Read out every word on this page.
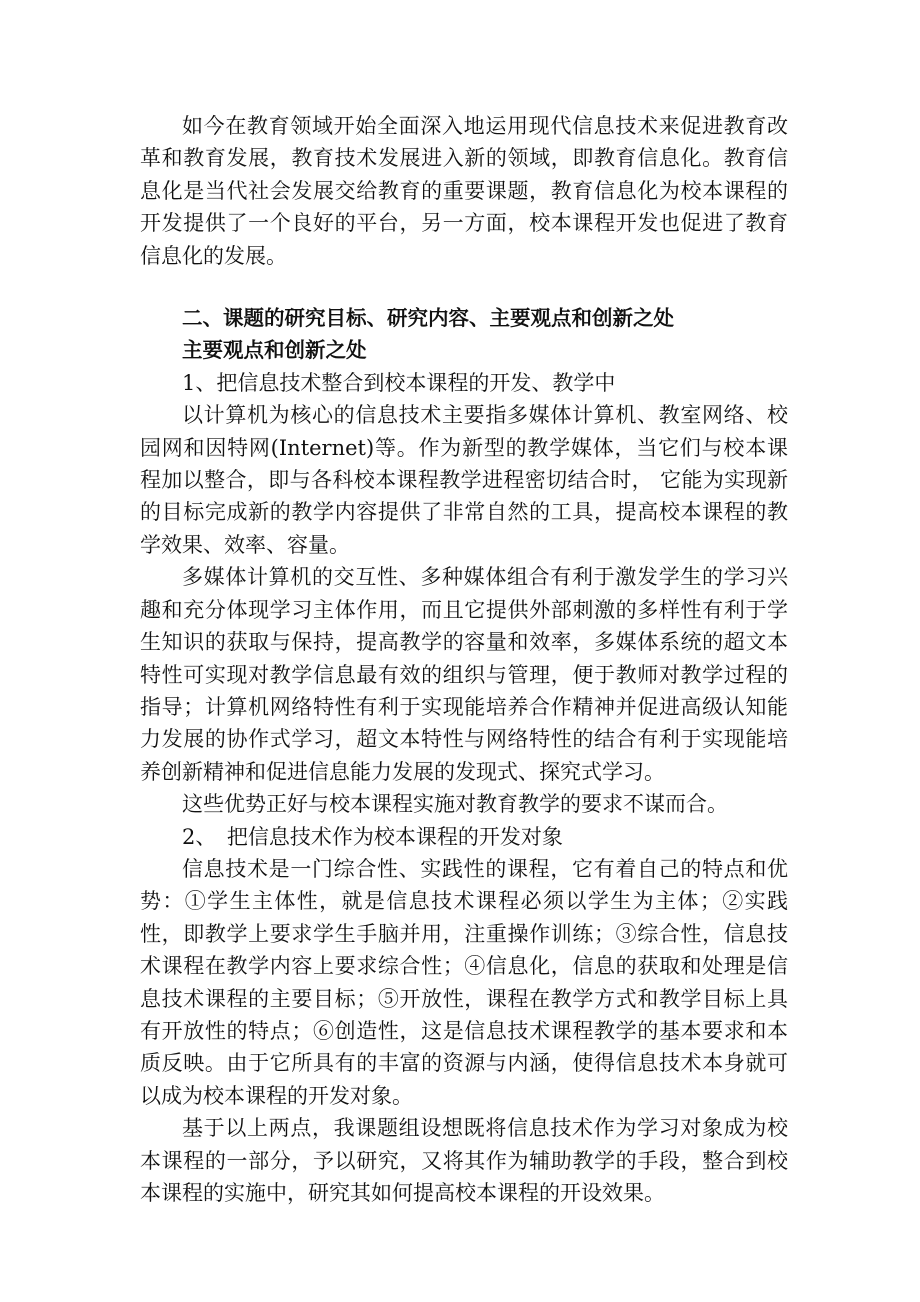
如今在教育领域开始全面深入地运用现代信息技术来促进教育改革和教育发展，教育技术发展进入新的领域，即教育信息化。教育信息化是当代社会发展交给教育的重要课题，教育信息化为校本课程的开发提供了一个良好的平台，另一方面，校本课程开发也促进了教育信息化的发展。

二、课题的研究目标、研究内容、主要观点和创新之处

主要观点和创新之处

1、把信息技术整合到校本课程的开发、教学中

以计算机为核心的信息技术主要指多媒体计算机、教室网络、校园网和因特网(Internet)等。作为新型的教学媒体，当它们与校本课程加以整合，即与各科校本课程教学进程密切结合时， 它能为实现新的目标完成新的教学内容提供了非常自然的工具，提高校本课程的教学效果、效率、容量。

多媒体计算机的交互性、多种媒体组合有利于激发学生的学习兴趣和充分体现学习主体作用，而且它提供外部刺激的多样性有利于学生知识的获取与保持，提高教学的容量和效率，多媒体系统的超文本特性可实现对教学信息最有效的组织与管理，便于教师对教学过程的指导；计算机网络特性有利于实现能培养合作精神并促进高级认知能力发展的协作式学习，超文本特性与网络特性的结合有利于实现能培养创新精神和促进信息能力发展的发现式、探究式学习。

这些优势正好与校本课程实施对教育教学的要求不谋而合。

2、　把信息技术作为校本课程的开发对象

信息技术是一门综合性、实践性的课程，它有着自己的特点和优势：①学生主体性，就是信息技术课程必须以学生为主体；②实践性，即教学上要求学生手脑并用，注重操作训练；③综合性，信息技术课程在教学内容上要求综合性；④信息化，信息的获取和处理是信息技术课程的主要目标；⑤开放性，课程在教学方式和教学目标上具有开放性的特点；⑥创造性，这是信息技术课程教学的基本要求和本质反映。由于它所具有的丰富的资源与内涵，使得信息技术本身就可以成为校本课程的开发对象。

基于以上两点，我课题组设想既将信息技术作为学习对象成为校本课程的一部分，予以研究，又将其作为辅助教学的手段，整合到校本课程的实施中，研究其如何提高校本课程的开设效果。
